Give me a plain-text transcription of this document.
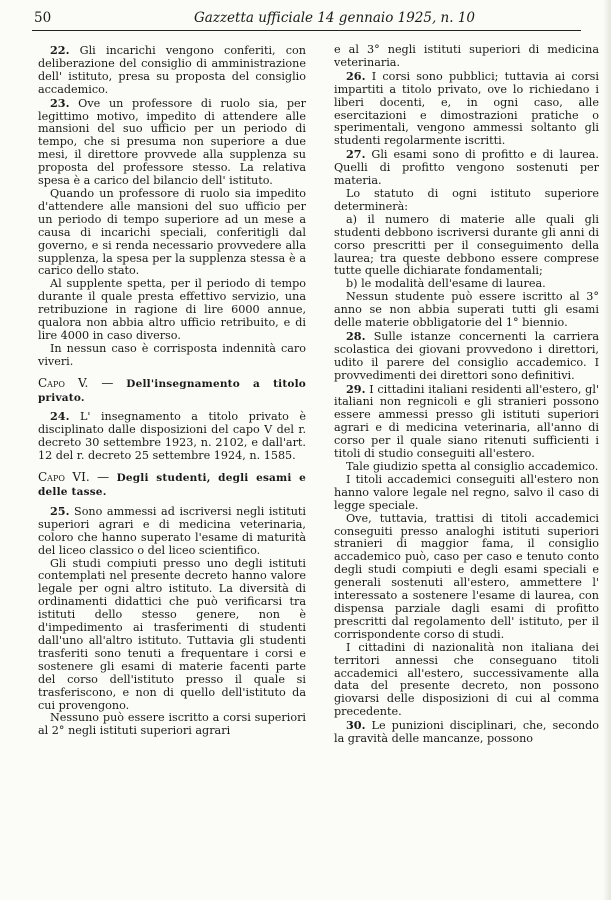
50	Gazzetta ufficiale 14 gennaio 1925, n. 10

22. Gli incarichi vengono conferiti, con deliberazione del consiglio di amministrazione dell' istituto, presa su proposta del consiglio accademico.

23. Ove un professore di ruolo sia, per legittimo motivo, impedito di attendere alle mansioni del suo ufficio per un periodo di tempo, che si presuma non superiore a due mesi, il direttore provvede alla supplenza su proposta del professore stesso. La relativa spesa è a carico del bilancio dell' istituto.

Quando un professore di ruolo sia impedito d'attendere alle mansioni del suo ufficio per un periodo di tempo superiore ad un mese a causa di incarichi speciali, conferitigli dal governo, e si renda necessario provvedere alla supplenza, la spesa per la supplenza stessa è a carico dello stato.

Al supplente spetta, per il periodo di tempo durante il quale presta effettivo servizio, una retribuzione in ragione di lire 6000 annue, qualora non abbia altro ufficio retribuito, e di lire 4000 in caso diverso.

In nessun caso è corrisposta indennità caro viveri.

Capo V. — Dell'insegnamento a titolo privato.

24. L' insegnamento a titolo privato è disciplinato dalle disposizioni del capo V del r. decreto 30 settembre 1923, n. 2102, e dall'art. 12 del r. decreto 25 settembre 1924, n. 1585.

Capo VI. — Degli studenti, degli esami e delle tasse.

25. Sono ammessi ad iscriversi negli istituti superiori agrari e di medicina veterinaria, coloro che hanno superato l'esame di maturità del liceo classico o del liceo scientifico.

Gli studi compiuti presso uno degli istituti contemplati nel presente decreto hanno valore legale per ogni altro istituto. La diversità di ordinamenti didattici che può verificarsi tra istituti dello stesso genere, non è d'impedimento ai trasferimenti di studenti dall'uno all'altro istituto. Tuttavia gli studenti trasferiti sono tenuti a frequentare i corsi e sostenere gli esami di materie facenti parte del corso dell'istituto presso il quale si trasferiscono, e non di quello dell'istituto da cui provengono.

Nessuno può essere iscritto a corsi superiori al 2° negli istituti superiori agrari

e al 3° negli istituti superiori di medicina veterinaria.

26. I corsi sono pubblici; tuttavia ai corsi impartiti a titolo privato, ove lo richiedano i liberi docenti, e, in ogni caso, alle esercitazioni e dimostrazioni pratiche o sperimentali, vengono ammessi soltanto gli studenti regolarmente iscritti.

27. Gli esami sono di profitto e di laurea. Quelli di profitto vengono sostenuti per materia.

Lo statuto di ogni istituto superiore determinerà:

a) il numero di materie alle quali gli studenti debbono iscriversi durante gli anni di corso prescritti per il conseguimento della laurea; tra queste debbono essere comprese tutte quelle dichiarate fondamentali;

b) le modalità dell'esame di laurea.

Nessun studente può essere iscritto al 3° anno se non abbia superati tutti gli esami delle materie obbligatorie del 1° biennio.

28. Sulle istanze concernenti la carriera scolastica dei giovani provvedono i direttori, udito il parere del consiglio accademico. I provvedimenti dei direttori sono definitivi.

29. I cittadini italiani residenti all'estero, gl' italiani non regnicoli e gli stranieri possono essere ammessi presso gli istituti superiori agrari e di medicina veterinaria, all'anno di corso per il quale siano ritenuti sufficienti i titoli di studio conseguiti all'estero.

Tale giudizio spetta al consiglio accademico.

I titoli accademici conseguiti all'estero non hanno valore legale nel regno, salvo il caso di legge speciale.

Ove, tuttavia, trattisi di titoli accademici conseguiti presso analoghi istituti superiori stranieri di maggior fama, il consiglio accademico può, caso per caso e tenuto conto degli studi compiuti e degli esami speciali e generali sostenuti all'estero, ammettere l' interessato a sostenere l'esame di laurea, con dispensa parziale dagli esami di profitto prescritti dal regolamento dell' istituto, per il corrispondente corso di studi.

I cittadini di nazionalità non italiana dei territori annessi che conseguano titoli accademici all'estero, successivamente alla data del presente decreto, non possono giovarsi delle disposizioni di cui al comma precedente.

30. Le punizioni disciplinari, che, secondo la gravità delle mancanze, possono
